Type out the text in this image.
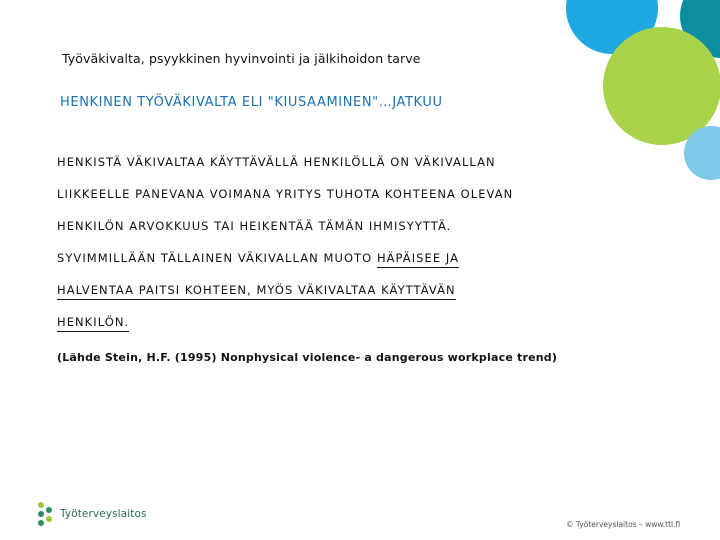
Työväkivalta, psyykkinen hyvinvointi ja jälkihoidon tarve
HENKINEN TYÖVÄKIVALTA ELI "KIUSAAMINEN"…JATKUU
HENKISTÄ VÄKIVALTAA KÄYTTÄVÄLLÄ HENKILÖLLÄ ON VÄKIVALLAN
LIIKKEELLE PANEVANA VOIMANA YRITYS TUHOTA KOHTEENA OLEVAN
HENKILÖN ARVOKKUUS TAI HEIKENTÄÄ TÄMÄN IHMISYYTTÄ.
SYVIMMILLÄÄN TÄLLAINEN VÄKIVALLAN MUOTO HÄPÄISEE JA
HALVENTAA PAITSI KOHTEEN, MYÖS VÄKIVALTAA KÄYTTÄVÄN
HENKILÖN.
(Lähde Stein, H.F. (1995) Nonphysical violence- a dangerous workplace trend)
Työterveyslaitos
© Työterveyslaitos – www.ttl.fi
